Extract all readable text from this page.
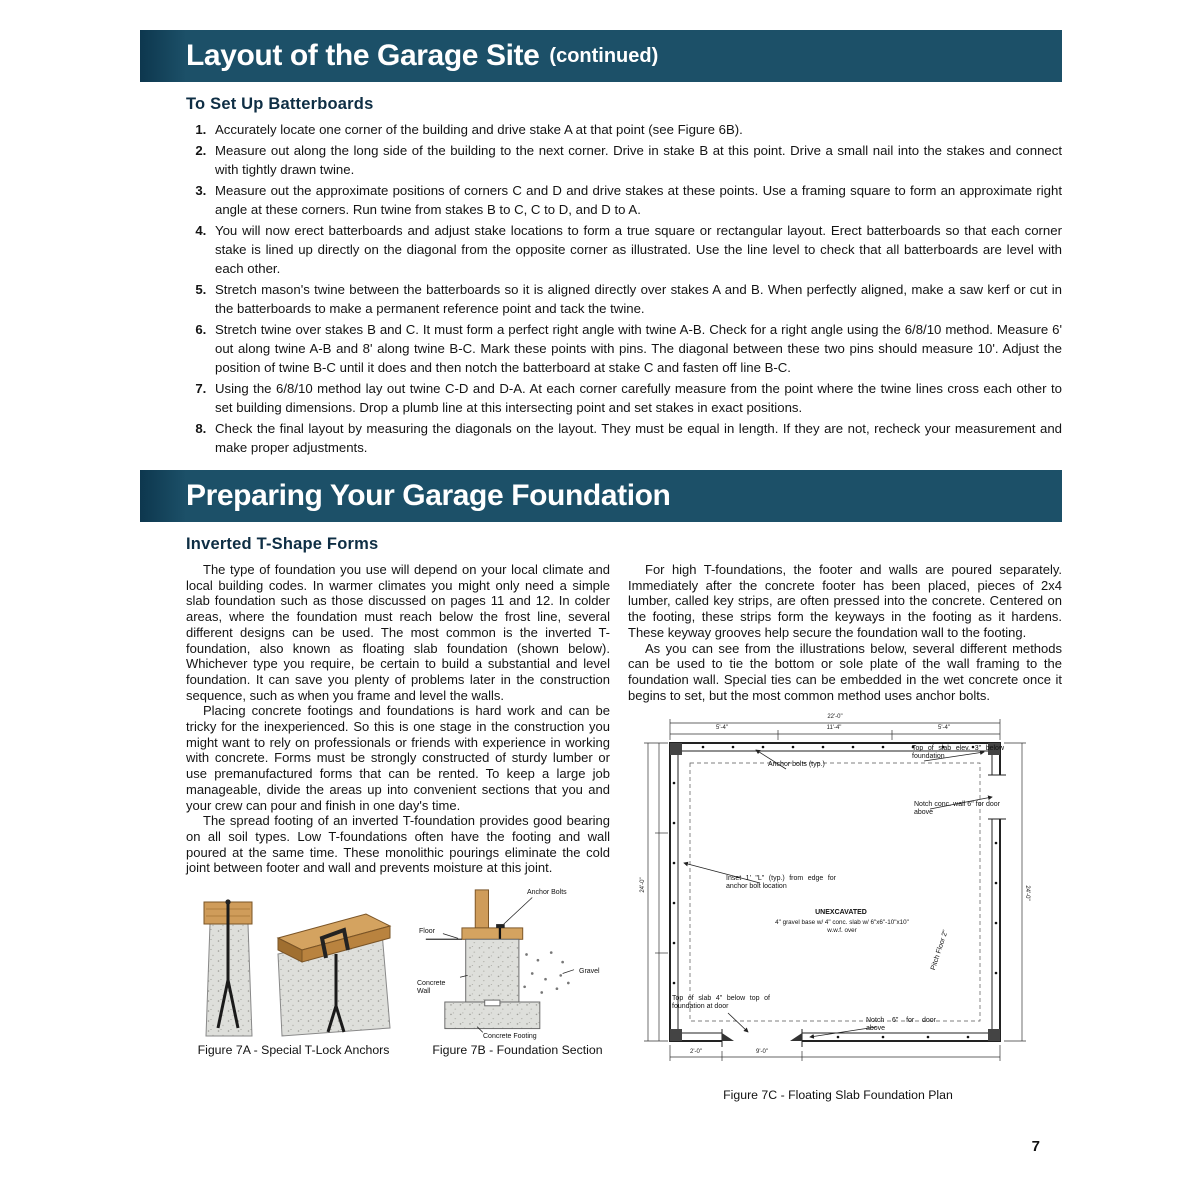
Layout of the Garage Site (continued)
To Set Up Batterboards
1. Accurately locate one corner of the building and drive stake A at that point (see Figure 6B).
2. Measure out along the long side of the building to the next corner. Drive in stake B at this point. Drive a small nail into the stakes and connect with tightly drawn twine.
3. Measure out the approximate positions of corners C and D and drive stakes at these points. Use a framing square to form an approximate right angle at these corners. Run twine from stakes B to C, C to D, and D to A.
4. You will now erect batterboards and adjust stake locations to form a true square or rectangular layout. Erect batterboards so that each corner stake is lined up directly on the diagonal from the opposite corner as illustrated. Use the line level to check that all batterboards are level with each other.
5. Stretch mason's twine between the batterboards so it is aligned directly over stakes A and B. When perfectly aligned, make a saw kerf or cut in the batterboards to make a permanent reference point and tack the twine.
6. Stretch twine over stakes B and C. It must form a perfect right angle with twine A-B. Check for a right angle using the 6/8/10 method. Measure 6' out along twine A-B and 8' along twine B-C. Mark these points with pins. The diagonal between these two pins should measure 10'. Adjust the position of twine B-C until it does and then notch the batterboard at stake C and fasten off line B-C.
7. Using the 6/8/10 method lay out twine C-D and D-A. At each corner carefully measure from the point where the twine lines cross each other to set building dimensions. Drop a plumb line at this intersecting point and set stakes in exact positions.
8. Check the final layout by measuring the diagonals on the layout. They must be equal in length. If they are not, recheck your measurement and make proper adjustments.
Preparing Your Garage Foundation
Inverted T-Shape Forms

The type of foundation you use will depend on your local climate and local building codes. In warmer climates you might only need a simple slab foundation such as those discussed on pages 11 and 12. In colder areas, where the foundation must reach below the frost line, several different designs can be used. The most common is the inverted T-foundation, also known as floating slab foundation (shown below). Whichever type you require, be certain to build a substantial and level foundation. It can save you plenty of problems later in the construction sequence, such as when you frame and level the walls.

Placing concrete footings and foundations is hard work and can be tricky for the inexperienced. So this is one stage in the construction you might want to rely on professionals or friends with experience in working with concrete. Forms must be strongly constructed of sturdy lumber or use premanufactured forms that can be rented. To keep a large job manageable, divide the areas up into convenient sections that you and your crew can pour and finish in one day's time.

The spread footing of an inverted T-foundation provides good bearing on all soil types. Low T-foundations often have the footing and wall poured at the same time. These monolithic pourings eliminate the cold joint between footer and wall and prevents moisture at this joint.

Figure 7A - Special T-Lock Anchors
Anchor Bolts
Floor
Gravel
Concrete Wall
Concrete Footing
Figure 7B - Foundation Section

For high T-foundations, the footer and walls are poured separately. Immediately after the concrete footer has been placed, pieces of 2x4 lumber, called key strips, are often pressed into the concrete. Centered on the footing, these strips form the keyways in the footing as it hardens. These keyway grooves help secure the foundation wall to the footing.

As you can see from the illustrations below, several different methods can be used to tie the bottom or sole plate of the wall framing to the foundation wall. Special ties can be embedded in the wet concrete once it begins to set, but the most common method uses anchor bolts.

Anchor bolts (typ.)
Top of slab elev. 3" below foundation
Notch conc. wall 6" for door above
Inset 1' "L" (typ.) from edge for anchor bolt location
UNEXCAVATED
4" gravel base w/ 4" conc. slab w/ 6"x6"-10"x10" w.w.f. over	Pitch Floor 2"
Top of slab 4" below top of foundation at door
Notch 6" for door above
22'-0"
5'-4"	11'-4"	5'-4"
24'-0"
24'-0"
2'-0"	9'-0"
Figure 7C - Floating Slab Foundation Plan
7
